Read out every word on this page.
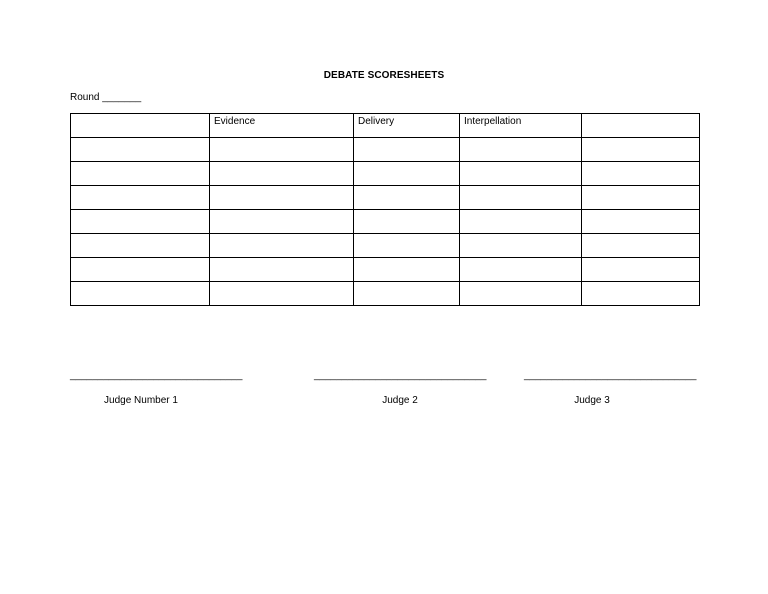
DEBATE SCORESHEETS
Round _______
	Evidence	Delivery	Interpellation	

_______________________________	_______________________________	_______________________________
Judge Number 1	Judge 2	Judge 3
